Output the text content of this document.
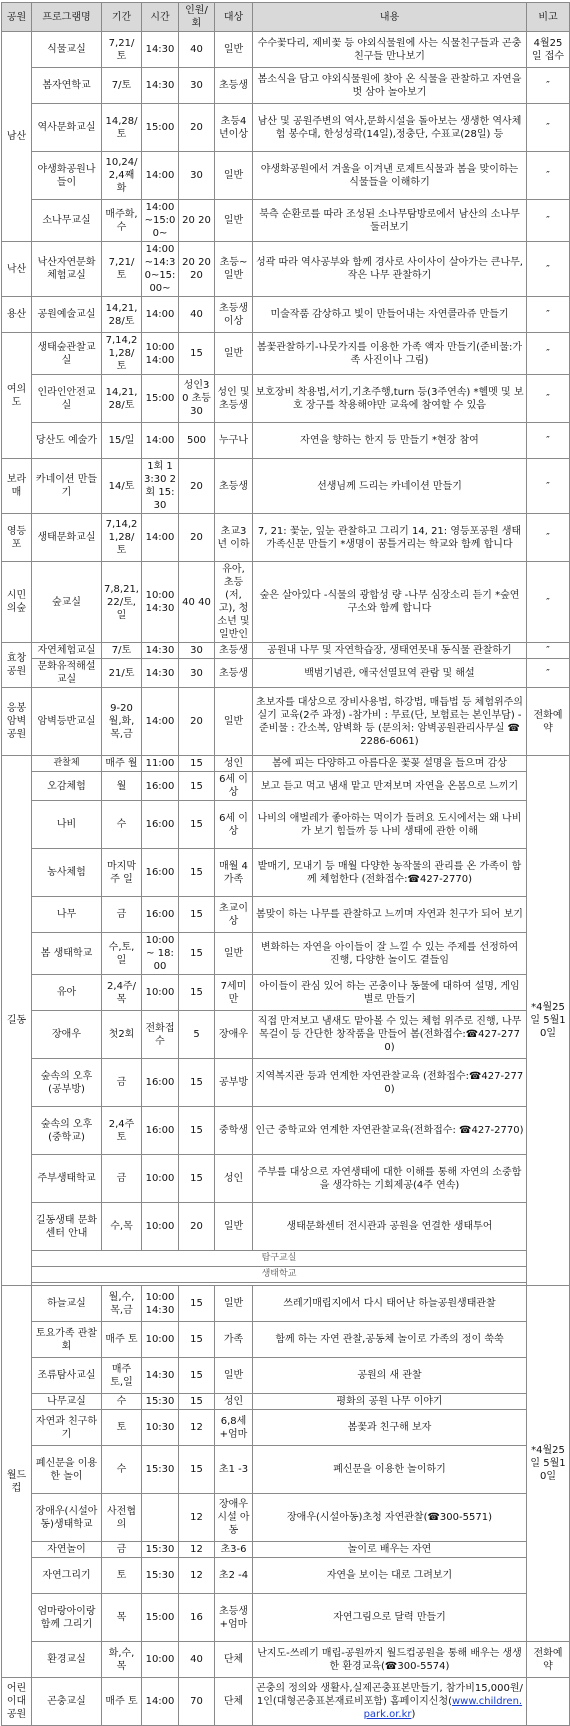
공원	프로그램명	기간	시간	인원/회	대상	내용	비고
남산	식물교실	7,21/토	14:30	40	일반	수수꽃다리, 제비꽃 등 야외식물원에 사는 식물친구들과 곤충친구들 만나보기	4월25일 접수
	봄자연학교	7/토	14:30	30	초등생	봄소식을 담고 야외식물원에 찾아 온 식물을 관찰하고 자연을 벗 삼아 놀아보기	″
	역사문화교실	14,28/토	15:00	20	초등4년이상	남산 및 공원주변의 역사,문화시설을 돌아보는 생생한 역사체험 봉수대, 한성성곽(14일),정충단, 수표교(28일) 등	″
	야생화공원나들이	10,24/2,4째화	14:00	30	일반	야생화공원에서 겨울을 이겨낸 로제트식물과 봄을 맞이하는 식물들을 이해하기	″
	소나무교실	매주화,수	14:00~15:00~	20 20	일반	북측 순환로를 따라 조성된 소나무탐방로에서 남산의 소나무 둘러보기	″
낙산	낙산자연문화체험교실	7,21/토	14:00~14:30~15:00~	20 20 20	초등~일반	성곽 따라 역사공부와 함께 경사로 사이사이 살아가는 큰나무, 작은 나무 관찰하기	″
용산	공원예술교실	14,21,28/토	14:00	40	초등생이상	미술작품 감상하고 빛이 만들어내는 자연콜라쥬 만들기	″
여의도	생태숲관찰교실	7,14,21,28/토	10:00 14:00	15	일반	봄꽃관찰하기-나뭇가지를 이용한 가족 액자 만들기(준비물:가족 사진이나 그림)	″
	인라인안전교실	14,21,28/토	15:00	성인30 초등30	성인 및 초등생	보호장비 착용법,서기,기초주행,turn 등(3주연속) *헬멧 및 보호 장구를 착용해야만 교육에 참여할 수 있음	″
	당산도 예술가	15/일	14:00	500	누구나	자연을 향하는 한지 등 만들기 *현장 참여	″
보라매	카네이션 만들기	14/토	1회 13:30 2회 15:30	20	초등생	선생님께 드리는 카네이션 만들기	″
영등포	생태문화교실	7,14,21,28/토	14:00	20	초교3년 이하	7, 21: 꽃눈, 잎눈 관찰하고 그리기 14, 21: 영등포공원 생태가족신문 만들기 *생명이 꿈틀거리는 학교와 함께 합니다	″
시민의숲	숲교실	7,8,21,22/토,일	10:00 14:30	40 40	유아, 초등(저,고), 청소년 및 일반인	숲은 살아있다 -식물의 광합성 량 -나무 심장소리 듣기 *숲연구소와 함께 합니다	″
효창공원	자연체험교실	7/토	14:30	30	초등생	공원내 나무 및 자연학습장, 생태연못내 동식물 관찰하기	″
	문화유적해설교실	21/토	14:30	30	초등생	백범기념관, 애국선열묘역 관람 및 해설	″
응봉암벽공원	암벽등반교실	9-20 월,화,목,금	14:00	20	일반	초보자를 대상으로 장비사용법, 하강법, 매듭법 등 체험위주의 실기 교육(2주 과정) -참가비 : 무료(단, 보험료는 본인부담) -준비물 : 간소복, 암벽화 등 (문의처: 암벽공원관리사무실 ☎ 2286-6061)	전화예약
길동	관찰체	매주 월	11:00	15	성인	봄에 피는 다양하고 아름다운 꽃꽂 설명을 들으며 감상	*4월25일 5월10일
	오감체험	월	16:00	15	6세 이상	보고 듣고 먹고 냄새 맡고 만져보며 자연을 온몸으로 느끼기	
	나비	수	16:00	15	6세 이상	나비의 애벌레가 좋아하는 먹이가 들려요 도시에서는 왜 나비가 보기 힘들까 등 나비 생태에 관한 이해	
	농사체험	마지막 주 일	16:00	15	매월 4가족	밭매기, 모내기 등 매월 다양한 농작물의 관리를 온 가족이 함께 체험한다 (전화접수:☎427-2770)	
	나무	금	16:00	15	초교이상	봄맞이 하는 나무를 관찰하고 느끼며 자연과 친구가 되어 보기	
	봄 생태학교	수,토, 일	10:00~ 18:00	15	일반	변화하는 자연을 아이들이 잘 느낄 수 있는 주제를 선정하여 진행, 다양한 놀이도 곁들임	
	유아	2,4주/ 목	10:00	15	7세미만	아이들이 관심 있어 하는 곤충이나 동물에 대하여 설명, 게임별로 만들기	
	장애우	첫2회	전화접수	5	장애우	직접 만져보고 냄새도 맡아볼 수 있는 체험 위주로 진행, 나무목걸이 등 간단한 창작품을 만들어 봄(전화접수:☎427-2770)	
	숲속의 오후(공부방)	금	16:00	15	공부방	지역복지관 등과 연계한 자연관찰교육 (전화접수:☎427-2770)	
	숲속의 오후(중학교)	2,4주 토	16:00	15	중학생	인근 중학교와 연계한 자연관찰교육(전화접수: ☎427-2770)	
	주부생태학교	금	10:00	15	성인	주부를 대상으로 자연생태에 대한 이해를 통해 자연의 소중함을 생각하는 기회제공(4주 연속)	
	길동생태 문화센터 안내	수,목	10:00	20	일반	생태문화센터 전시관과 공원을 연결한 생태투어	
	탐구교실						
	생태학교						

월드컵	하늘교실	월,수, 목,금	10:00 14:30	15	일반	쓰레기매립지에서 다시 태어난 하늘공원생태관찰	*4월25일 5월10일
	토요가족 관찰회	매주 토	10:00	15	가족	함께 하는 자연 관찰,공동체 놀이로 가족의 정이 쑥쑥	
	조류탐사교실	매주 토,일	14:30	15	일반	공원의 새 관찰	
	나무교실	수	15:30	15	성인	평화의 공원 나무 이야기	
	자연과 친구하기	토	10:30	12	6,8세+엄마	봄꽃과 친구해 보자	
	폐신문을 이용한 놀이	수	15:30	15	초1 -3	폐신문을 이용한 놀이하기	
	장애우(시설아동)생태학교	사전협의		12	장애우 시설 아동	장애우(시설아동)초청 자연관찰(☎300-5571)	
	자연놀이	금	15:30	12	초3-6	놀이로 배우는 자연	
	자연그리기	토	15:30	12	초2 -4	자연을 보이는 대로 그려보기	
	엄마랑아이랑함께 그리기	목	15:00	16	초등생 +엄마	자연그림으로 달력 만들기	
	환경교실	화,수, 목	10:00	40	단체	난지도-쓰레기 매립-공원까지 월드컵공원을 통해 배우는 생생한 환경교육(☎300-5574)	전화예약
어린이대공원	곤충교실	매주 토	14:00	70	단체	곤충의 정의와 생활사,실제곤충표본만들기, 참가비15,000원/1인(대형곤충표본재료비포함) 홈페이지신청(www.children.park.or.kr)	
